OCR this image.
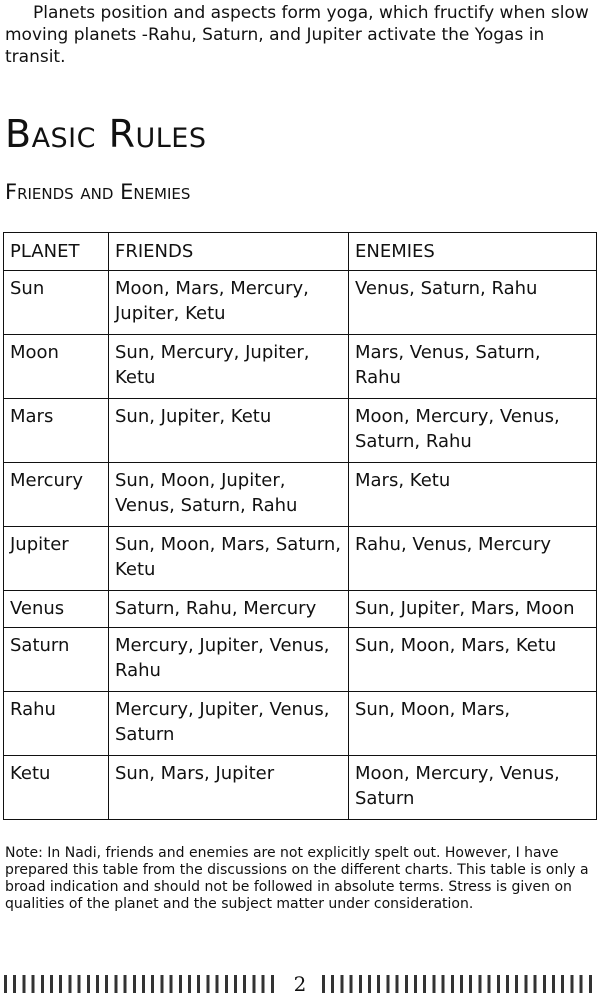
Planets position and aspects form yoga, which fructify when slow moving planets -Rahu, Saturn, and Jupiter activate the Yogas in transit.

Basic Rules
Friends and Enemies
PLANET	FRIENDS	ENEMIES
Sun	Moon, Mars, Mercury, Jupiter, Ketu	Venus, Saturn, Rahu
Moon	Sun, Mercury, Jupiter, Ketu	Mars, Venus, Saturn, Rahu
Mars	Sun, Jupiter, Ketu	Moon, Mercury, Venus, Saturn, Rahu
Mercury	Sun, Moon, Jupiter, Venus, Saturn, Rahu	Mars, Ketu
Jupiter	Sun, Moon, Mars, Saturn, Ketu	Rahu, Venus, Mercury
Venus	Saturn, Rahu, Mercury	Sun, Jupiter, Mars, Moon
Saturn	Mercury, Jupiter, Venus, Rahu	Sun, Moon, Mars, Ketu
Rahu	Mercury, Jupiter, Venus, Saturn	Sun, Moon, Mars,
Ketu	Sun, Mars, Jupiter	Moon, Mercury, Venus, Saturn

Note: In Nadi, friends and enemies are not explicitly spelt out. However, I have prepared this table from the discussions on the different charts. This table is only a broad indication and should not be followed in absolute terms. Stress is given on qualities of the planet and the subject matter under consideration.

2
